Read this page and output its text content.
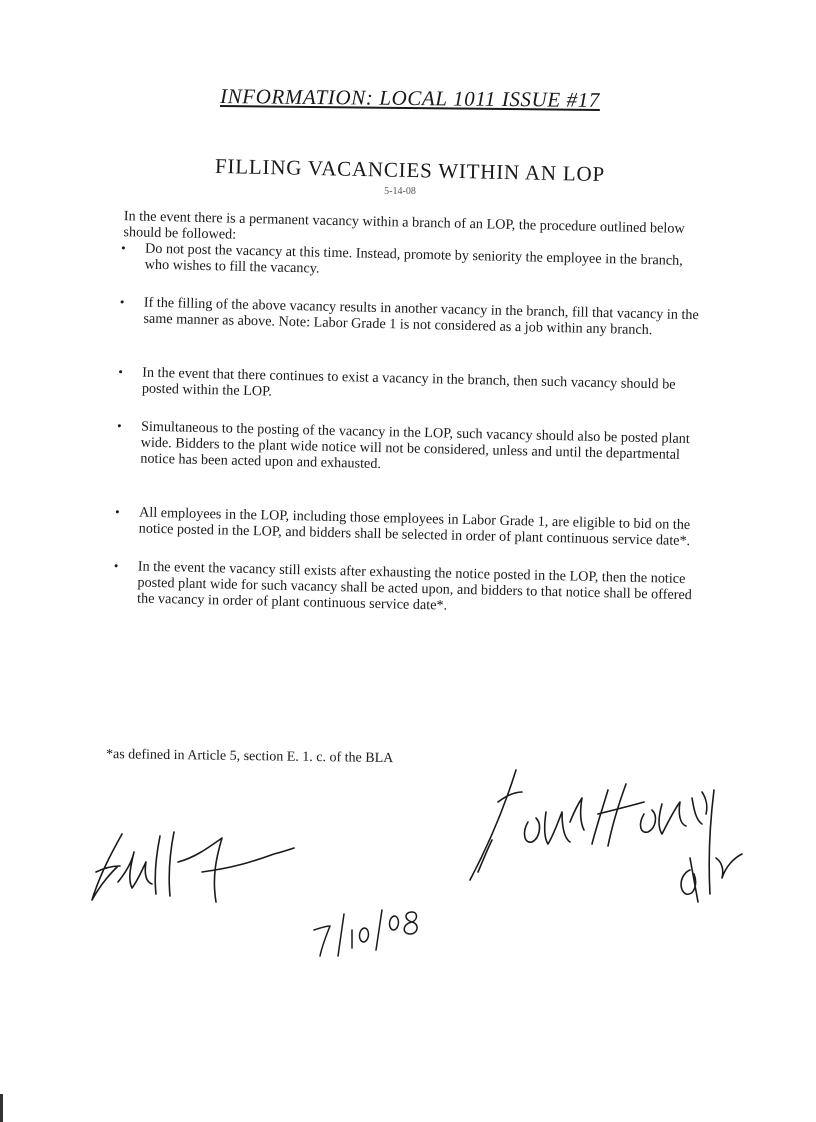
INFORMATION: LOCAL 1011 ISSUE #17
FILLING VACANCIES WITHIN AN LOP
5-14-08

In the event there is a permanent vacancy within a branch of an LOP, the procedure outlined below should be followed:

• Do not post the vacancy at this time. Instead, promote by seniority the employee in the branch, who wishes to fill the vacancy.
• If the filling of the above vacancy results in another vacancy in the branch, fill that vacancy in the same manner as above. Note: Labor Grade 1 is not considered as a job within any branch.
• In the event that there continues to exist a vacancy in the branch, then such vacancy should be posted within the LOP.
• Simultaneous to the posting of the vacancy in the LOP, such vacancy should also be posted plant wide. Bidders to the plant wide notice will not be considered, unless and until the departmental notice has been acted upon and exhausted.
• All employees in the LOP, including those employees in Labor Grade 1, are eligible to bid on the notice posted in the LOP, and bidders shall be selected in order of plant continuous service date*.
• In the event the vacancy still exists after exhausting the notice posted in the LOP, then the notice posted plant wide for such vacancy shall be acted upon, and bidders to that notice shall be offered the vacancy in order of plant continuous service date*.
*as defined in Article 5, section E. 1. c. of the BLA
